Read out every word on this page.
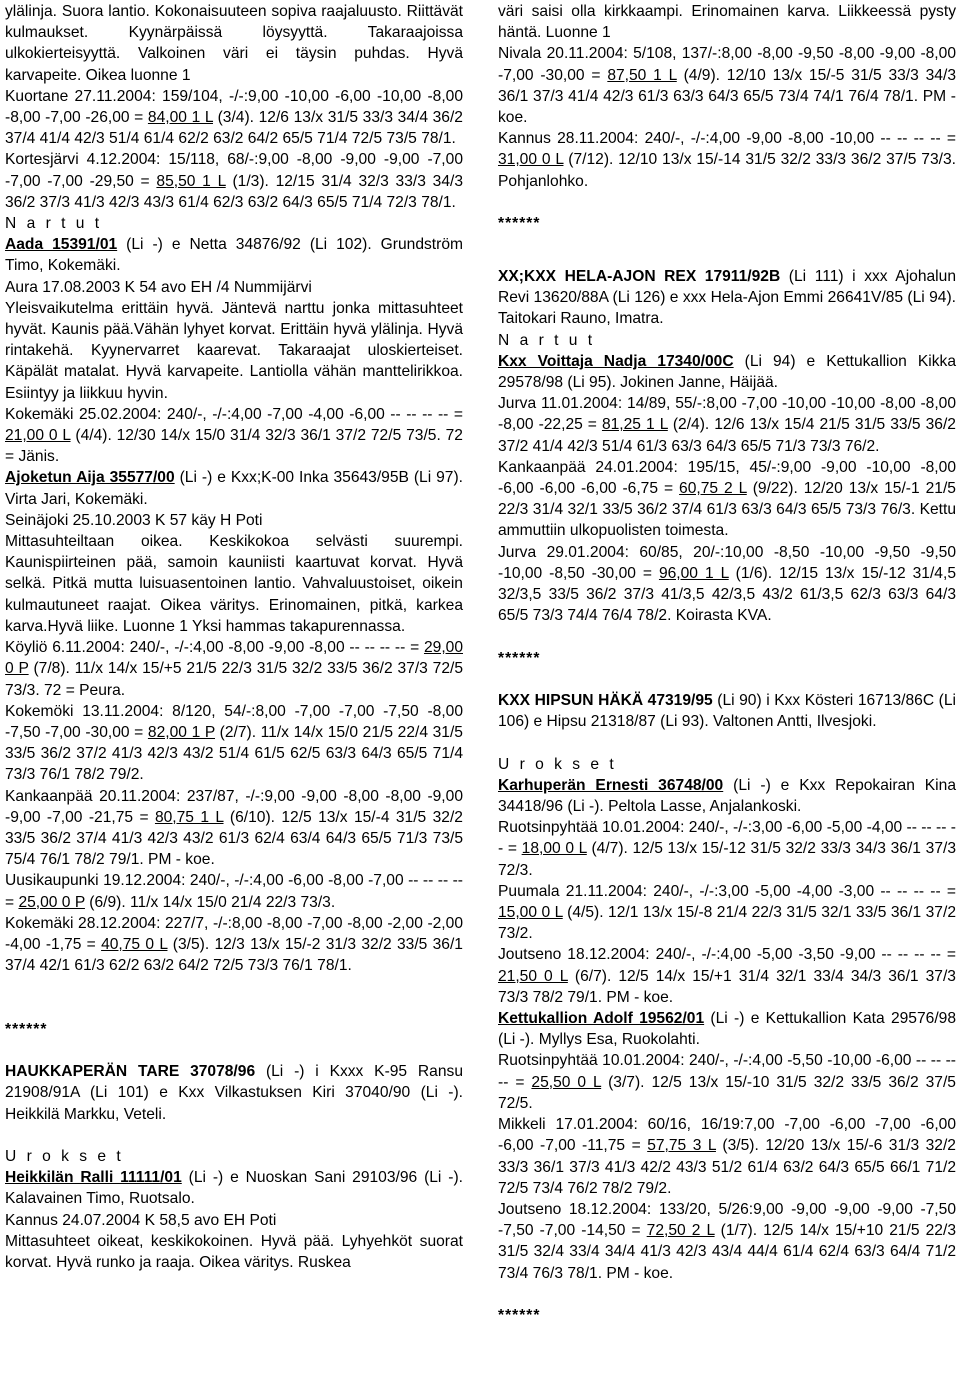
ylälinja. Suora lantio. Kokonaisuuteen sopiva raajaluusto. Riittävät kulmaukset. Kyynärpäissä löysyyttä. Takaraajoissa ulkokierteisyyttä. Valkoinen väri ei täysin puhdas. Hyvä karvapeite. Oikea luonne 1

Kuortane 27.11.2004: 159/104, -/-:9,00 -10,00 -6,00 -10,00 -8,00 -8,00 -7,00 -26,00 = 84,00 1 L (3/4). 12/6 13/x 31/5 33/3 34/4 36/2 37/4 41/4 42/3 51/4 61/4 62/2 63/2 64/2 65/5 71/4 72/5 73/5 78/1.

Kortesjärvi 4.12.2004: 15/118, 68/-:9,00 -8,00 -9,00 -9,00 -7,00 -7,00 -7,00 -29,50 = 85,50 1 L (1/3). 12/15 31/4 32/3 33/3 34/3 36/2 37/3 41/3 42/3 43/3 61/4 62/3 63/2 64/3 65/5 71/4 72/3 78/1.

N a r t u t

Aada 15391/01 (Li -) e Netta 34876/92 (Li 102). Grundström Timo, Kokemäki.

Aura 17.08.2003 K 54 avo EH /4 Nummijärvi

Yleisvaikutelma erittäin hyvä. Jäntevä narttu jonka mittasuhteet hyvät. Kaunis pää.Vähän lyhyet korvat. Erittäin hyvä ylälinja. Hyvä rintakehä. Kyynervarret kaarevat. Takaraajat uloskierteiset. Käpälät matalat. Hyvä karvapeite. Lantiolla vähän manttelirikkoa. Esiintyy ja liikkuu hyvin.

Kokemäki 25.02.2004: 240/-, -/-:4,00 -7,00 -4,00 -6,00 -- -- -- -- = 21,00 0 L (4/4). 12/30 14/x 15/0 31/4 32/3 36/1 37/2 72/5 73/5. 72 = Jänis.

Ajoketun Aija 35577/00 (Li -) e Kxx;K-00 Inka 35643/95B (Li 97). Virta Jari, Kokemäki.

Seinäjoki 25.10.2003 K 57 käy H Poti

Mittasuhteiltaan oikea. Keskikokoa selvästi suurempi. Kaunispiirteinen pää, samoin kauniisti kaartuvat korvat. Hyvä selkä. Pitkä mutta luisuasentoinen lantio. Vahvaluustoiset, oikein kulmautuneet raajat. Oikea väritys. Erinomainen, pitkä, karkea karva.Hyvä liike. Luonne 1 Yksi hammas takapurennassa.

Köyliö 6.11.2004: 240/-, -/-:4,00 -8,00 -9,00 -8,00 -- -- -- -- = 29,00 0 P (7/8). 11/x 14/x 15/+5 21/5 22/3 31/5 32/2 33/5 36/2 37/3 72/5 73/3. 72 = Peura.

Kokemöki 13.11.2004: 8/120, 54/-:8,00 -7,00 -7,00 -7,50 -8,00 -7,50 -7,00 -30,00 = 82,00 1 P (2/7). 11/x 14/x 15/0 21/5 22/4 31/5 33/5 36/2 37/2 41/3 42/3 43/2 51/4 61/5 62/5 63/3 64/3 65/5 71/4 73/3 76/1 78/2 79/2.

Kankaanpää 20.11.2004: 237/87, -/-:9,00 -9,00 -8,00 -8,00 -9,00 -9,00 -7,00 -21,75 = 80,75 1 L (6/10). 12/5 13/x 15/-4 31/5 32/2 33/5 36/2 37/4 41/3 42/3 43/2 61/3 62/4 63/4 64/3 65/5 71/3 73/5 75/4 76/1 78/2 79/1. PM - koe.

Uusikaupunki 19.12.2004: 240/-, -/-:4,00 -6,00 -8,00 -7,00 -- -- -- -- = 25,00 0 P (6/9). 11/x 14/x 15/0 21/4 22/3 73/3.

Kokemäki 28.12.2004: 227/7, -/-:8,00 -8,00 -7,00 -8,00 -2,00 -2,00 -4,00 -1,75 = 40,75 0 L (3/5). 12/3 13/x 15/-2 31/3 32/2 33/5 36/1 37/4 42/1 61/3 62/2 63/2 64/2 72/5 73/3 76/1 78/1.

******

HAUKKAPERÄN TARE 37078/96 (Li -) i Kxxx K-95 Ransu 21908/91A (Li 101) e Kxx Vilkastuksen Kiri 37040/90 (Li -). Heikkilä Markku, Veteli.

U r o k s e t

Heikkilän Ralli 11111/01 (Li -) e Nuoskan Sani 29103/96 (Li -). Kalavainen Timo, Ruotsalo.

Kannus 24.07.2004 K 58,5 avo EH Poti

Mittasuhteet oikeat, keskikokoinen. Hyvä pää. Lyhyehköt suorat korvat. Hyvä runko ja raaja. Oikea väritys. Ruskea

väri saisi olla kirkkaampi. Erinomainen karva. Liikkeessä pysty häntä. Luonne 1

Nivala 20.11.2004: 5/108, 137/-:8,00 -8,00 -9,50 -8,00 -9,00 -8,00 -7,00 -30,00 = 87,50 1 L (4/9). 12/10 13/x 15/-5 31/5 33/3 34/3 36/1 37/3 41/4 42/3 61/3 63/3 64/3 65/5 73/4 74/1 76/4 78/1. PM - koe.

Kannus 28.11.2004: 240/-, -/-:4,00 -9,00 -8,00 -10,00 -- -- -- -- = 31,00 0 L (7/12). 12/10 13/x 15/-14 31/5 32/2 33/3 36/2 37/5 73/3. Pohjanlohko.

******

XX;KXX HELA-AJON REX 17911/92B (Li 111) i xxx Ajohalun Revi 13620/88A (Li 126) e xxx Hela-Ajon Emmi 26641V/85 (Li 94). Taitokari Rauno, Imatra.

N a r t u t

Kxx Voittaja Nadja 17340/00C (Li 94) e Kettukallion Kikka 29578/98 (Li 95). Jokinen Janne, Häijää.

Jurva 11.01.2004: 14/89, 55/-:8,00 -7,00 -10,00 -10,00 -8,00 -8,00 -8,00 -22,25 = 81,25 1 L (2/4). 12/6 13/x 15/4 21/5 31/5 33/5 36/2 37/2 41/4 42/3 51/4 61/3 63/3 64/3 65/5 71/3 73/3 76/2.

Kankaanpää 24.01.2004: 195/15, 45/-:9,00 -9,00 -10,00 -8,00 -6,00 -6,00 -6,00 -6,75 = 60,75 2 L (9/22). 12/20 13/x 15/-1 21/5 22/3 31/4 32/1 33/5 36/2 37/4 61/3 63/3 64/3 65/5 73/3 76/3. Kettu ammuttiin ulkopuolisten toimesta.

Jurva 29.01.2004: 60/85, 20/-:10,00 -8,50 -10,00 -9,50 -9,50 -10,00 -8,50 -30,00 = 96,00 1 L (1/6). 12/15 13/x 15/-12 31/4,5 32/3,5 33/5 36/2 37/3 41/3,5 42/3,5 43/2 61/3,5 62/3 63/3 64/3 65/5 73/3 74/4 76/4 78/2. Koirasta KVA.

******

KXX HIPSUN HÄKÄ 47319/95 (Li 90) i Kxx Kösteri 16713/86C (Li 106) e Hipsu 21318/87 (Li 93). Valtonen Antti, Ilvesjoki.

U r o k s e t

Karhuperän Ernesti 36748/00 (Li -) e Kxx Repokairan Kina 34418/96 (Li -). Peltola Lasse, Anjalankoski.

Ruotsinpyhtää 10.01.2004: 240/-, -/-:3,00 -6,00 -5,00 -4,00 -- -- -- -- = 18,00 0 L (4/7). 12/5 13/x 15/-12 31/5 32/2 33/3 34/3 36/1 37/3 72/3.

Puumala 21.11.2004: 240/-, -/-:3,00 -5,00 -4,00 -3,00 -- -- -- -- = 15,00 0 L (4/5). 12/1 13/x 15/-8 21/4 22/3 31/5 32/1 33/5 36/1 37/2 73/2.

Joutseno 18.12.2004: 240/-, -/-:4,00 -5,00 -3,50 -9,00 -- -- -- -- = 21,50 0 L (6/7). 12/5 14/x 15/+1 31/4 32/1 33/4 34/3 36/1 37/3 73/3 78/2 79/1. PM - koe.

Kettukallion Adolf 19562/01 (Li -) e Kettukallion Kata 29576/98 (Li -). Myllys Esa, Ruokolahti.

Ruotsinpyhtää 10.01.2004: 240/-, -/-:4,00 -5,50 -10,00 -6,00 -- -- -- -- = 25,50 0 L (3/7). 12/5 13/x 15/-10 31/5 32/2 33/5 36/2 37/5 72/5.

Mikkeli 17.01.2004: 60/16, 16/19:7,00 -7,00 -6,00 -7,00 -6,00 -6,00 -7,00 -11,75 = 57,75 3 L (3/5). 12/20 13/x 15/-6 31/3 32/2 33/3 36/1 37/3 41/3 42/2 43/3 51/2 61/4 63/2 64/3 65/5 66/1 71/2 72/5 73/4 76/2 78/2 79/2.

Joutseno 18.12.2004: 133/20, 5/26:9,00 -9,00 -9,00 -9,00 -7,50 -7,50 -7,00 -14,50 = 72,50 2 L (1/7). 12/5 14/x 15/+10 21/5 22/3 31/5 32/4 33/4 34/4 41/3 42/3 43/4 44/4 61/4 62/4 63/3 64/4 71/2 73/4 76/3 78/1. PM - koe.

******
